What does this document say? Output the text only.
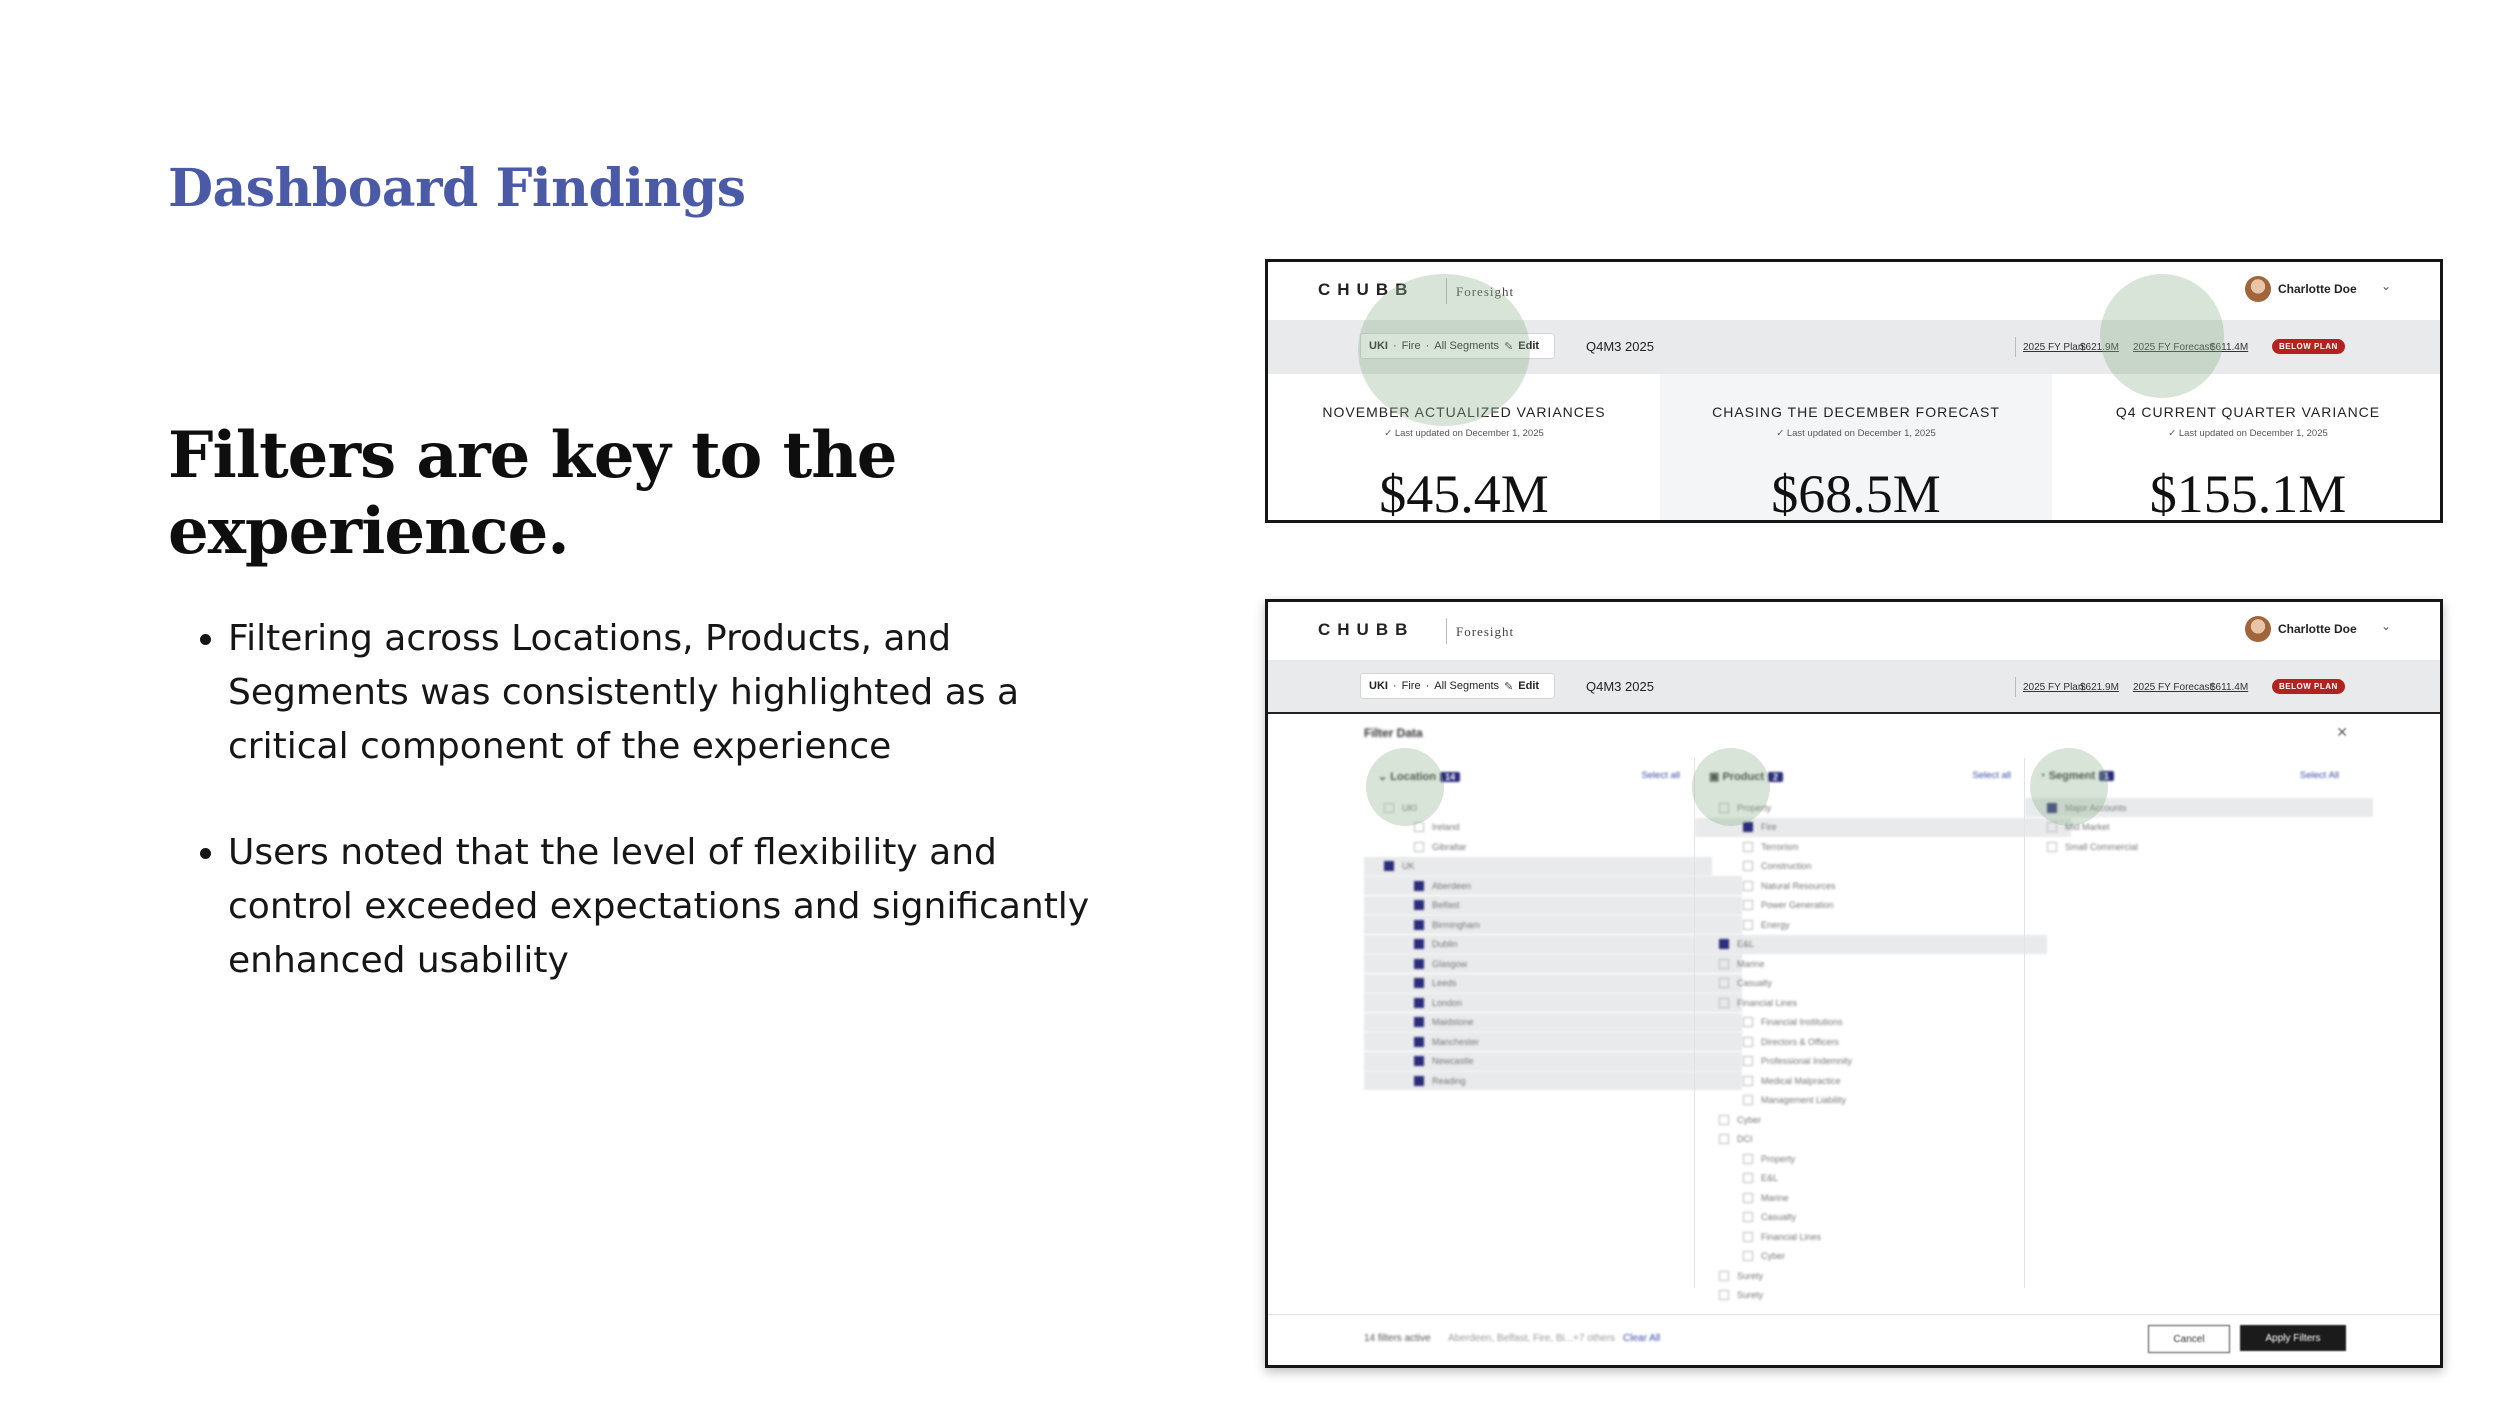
Dashboard Findings
Filters are key to the experience.
• Filtering across Locations, Products, and Segments was consistently highlighted as a critical component of the experience
• Users noted that the level of flexibility and control exceeded expectations and significantly enhanced usability
CHUBB	Foresight	Charlotte Doe ⌄
UKI · Fire · All Segments ✎ Edit	Q4M3 2025	2025 FY Plan:
$621.9M 2025 FY Forecast:
$611.4M	BELOW PLAN
NOVEMBER ACTUALIZED VARIANCES
✓ Last updated on December 1, 2025
$45.4M
CHASING THE DECEMBER FORECAST
✓ Last updated on December 1, 2025
$68.5M
Q4 CURRENT QUARTER VARIANCE
✓ Last updated on December 1, 2025
$155.1M
CHUBB	Foresight	Charlotte Doe ⌄
UKI · Fire · All Segments ✎ Edit	Q4M3 2025	2025 FY Plan:
$621.9M 2025 FY Forecast:
$611.4M	BELOW PLAN
Filter Data	✕
⌄ Location 14	Select all
UKI
Ireland
Gibraltar
UK
Aberdeen
Belfast
Birmingham
Dublin
Glasgow
Leeds
London
Maidstone
Manchester
Newcastle
Reading
▣ Product 2	Select all
Property
Fire
Terrorism
Construction
Natural Resources
Power Generation
Energy
E&L
Marine
Casualty
Financial Lines
Financial Institutions
Directors & Officers
Professional Indemnity
Medical Malpractice
Management Liability
Cyber
DCI
Property
E&L
Marine
Casualty
Financial Lines
Cyber
Surety
Surety
◔ Segment 1	Select All
Major Accounts
Mid Market
Small Commercial
14 filters active Aberdeen, Belfast, Fire, Bi...+7 others Clear All	Cancel	Apply Filters
